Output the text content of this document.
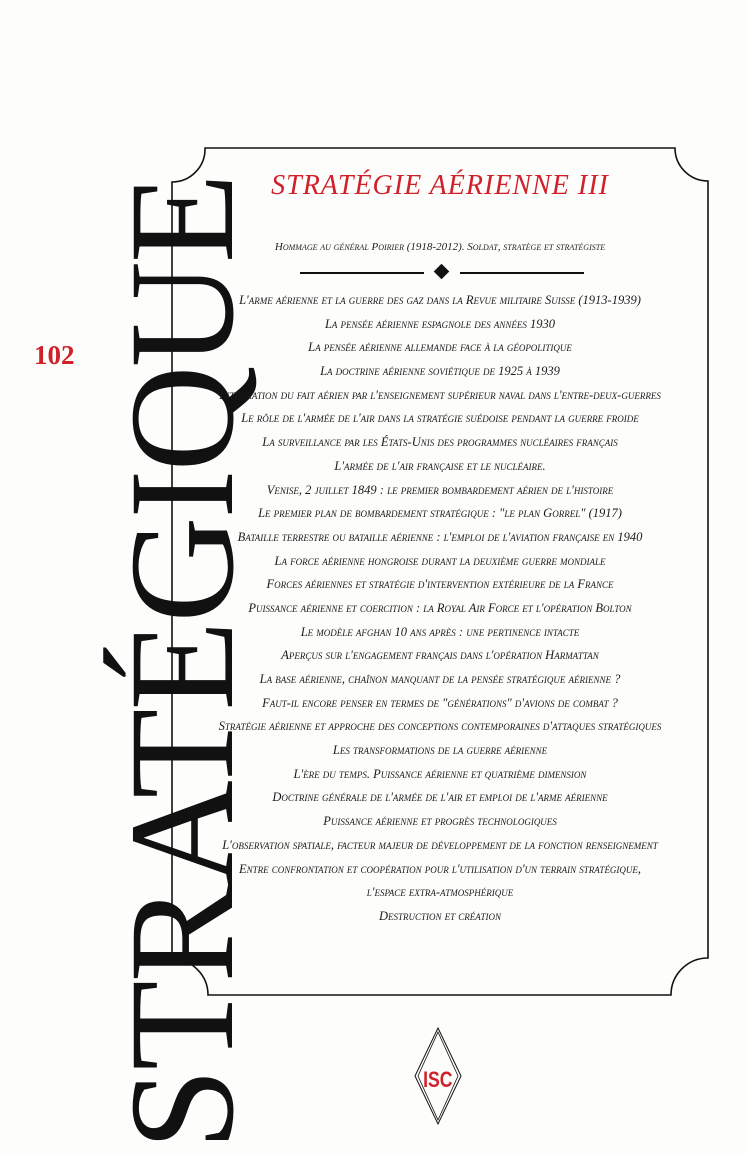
STRATÉGIQUE
102
STRATÉGIE AÉRIENNE III
Hommage au général Poirier (1918-2012). Soldat, stratège et stratégiste
L'arme aérienne et la guerre des gaz dans la Revue militaire Suisse (1913-1939)
La pensée aérienne espagnole des années 1930
La pensée aérienne allemande face à la géopolitique
La doctrine aérienne soviétique de 1925 à 1939
Intégration du fait aérien par l'enseignement supérieur naval dans l'entre-deux-guerres
Le rôle de l'armée de l'air dans la stratégie suédoise pendant la guerre froide
La surveillance par les États-Unis des programmes nucléaires français
L'armée de l'air française et le nucléaire.
Venise, 2 juillet 1849 : le premier bombardement aérien de l'histoire
Le premier plan de bombardement stratégique : "le plan Gorrel" (1917)
Bataille terrestre ou bataille aérienne : l'emploi de l'aviation française en 1940
La force aérienne hongroise durant la deuxième guerre mondiale
Forces aériennes et stratégie d'intervention extérieure de la France
Puissance aérienne et coercition : la Royal Air Force et l'opération Bolton
Le modèle afghan 10 ans après : une pertinence intacte
Aperçus sur l'engagement français dans l'opération Harmattan
La base aérienne, chaînon manquant de la pensée stratégique aérienne ?
Faut-il encore penser en termes de "générations" d'avions de combat ?
Stratégie aérienne et approche des conceptions contemporaines d'attaques stratégiques
Les transformations de la guerre aérienne
L'ère du temps. Puissance aérienne et quatrième dimension
Doctrine générale de l'armée de l'air et emploi de l'arme aérienne
Puissance aérienne et progrès technologiques
L'observation spatiale, facteur majeur de développement de la fonction renseignement
Entre confrontation et coopération pour l'utilisation d'un terrain stratégique,
l'espace extra-atmosphérique
Destruction et création
ISC
